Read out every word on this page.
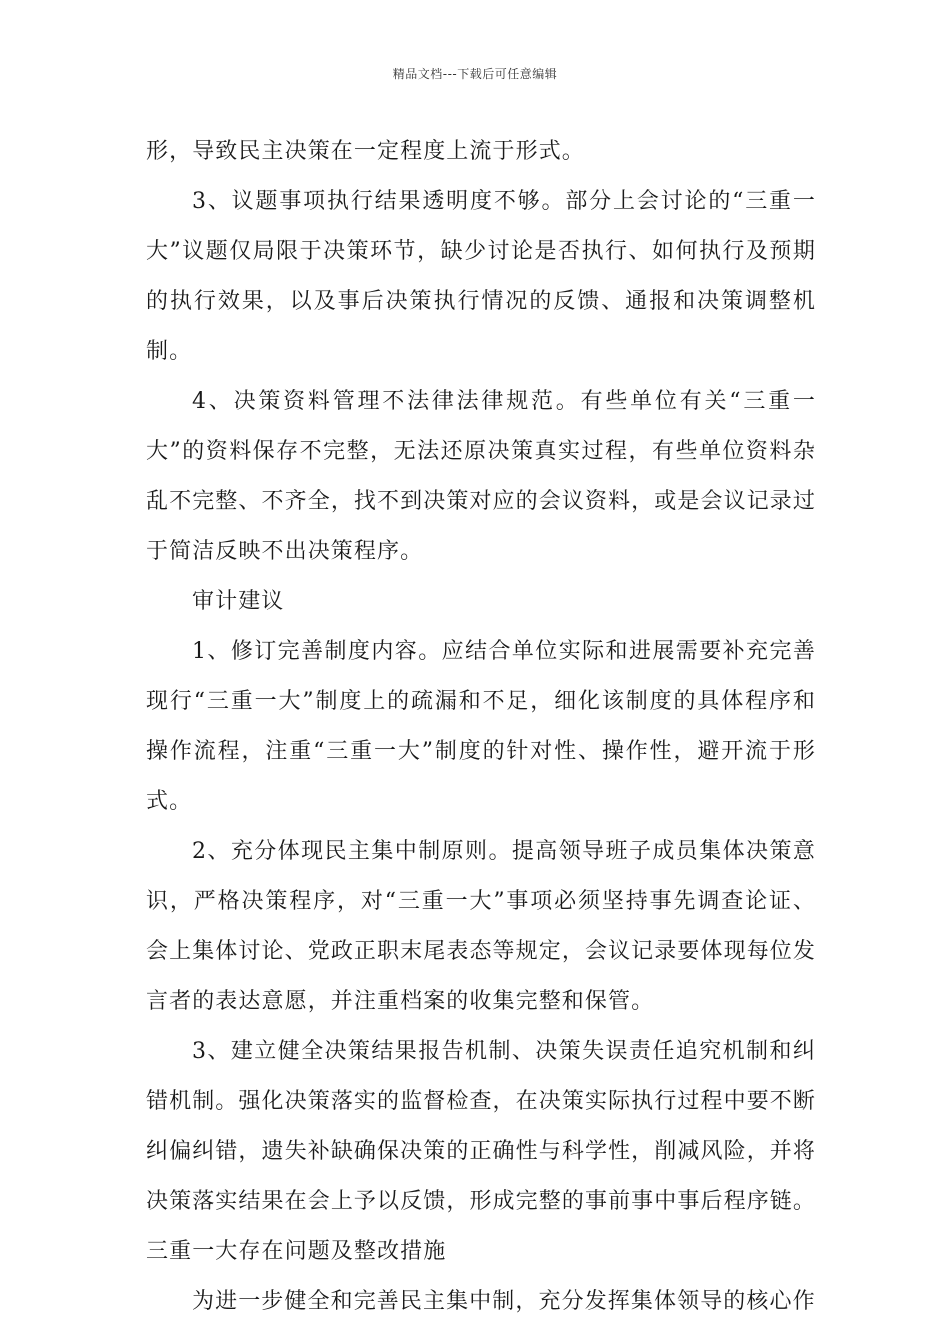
精品文档---下载后可任意编辑

形，导致民主决策在一定程度上流于形式。

3、议题事项执行结果透明度不够。部分上会讨论的“三重一大”议题仅局限于决策环节，缺少讨论是否执行、如何执行及预期的执行效果，以及事后决策执行情况的反馈、通报和决策调整机制。

4、决策资料管理不法律法律规范。有些单位有关“三重一大”的资料保存不完整，无法还原决策真实过程，有些单位资料杂乱不完整、不齐全，找不到决策对应的会议资料，或是会议记录过于简洁反映不出决策程序。

审计建议

1、修订完善制度内容。应结合单位实际和进展需要补充完善现行“三重一大”制度上的疏漏和不足，细化该制度的具体程序和操作流程，注重“三重一大”制度的针对性、操作性，避开流于形式。

2、充分体现民主集中制原则。提高领导班子成员集体决策意识，严格决策程序，对“三重一大”事项必须坚持事先调查论证、会上集体讨论、党政正职末尾表态等规定，会议记录要体现每位发言者的表达意愿，并注重档案的收集完整和保管。

3、建立健全决策结果报告机制、决策失误责任追究机制和纠错机制。强化决策落实的监督检查，在决策实际执行过程中要不断纠偏纠错，遗失补缺确保决策的正确性与科学性，削减风险，并将决策落实结果在会上予以反馈，形成完整的事前事中事后程序链。三重一大存在问题及整改措施

为进一步健全和完善民主集中制，充分发挥集体领导的核心作
